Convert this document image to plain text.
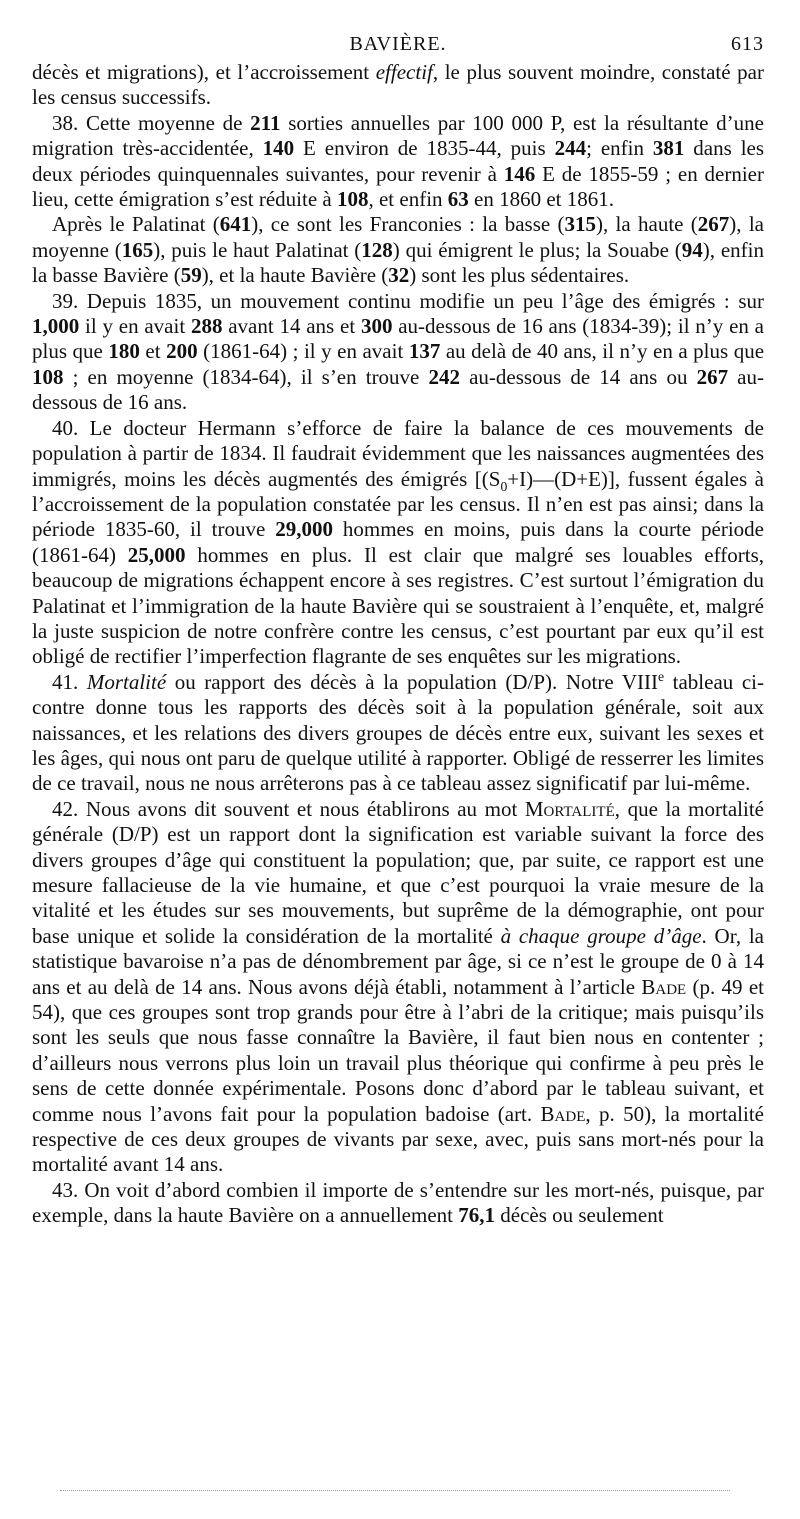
BAVIÈRE.	613

décès et migrations), et l’accroissement effectif, le plus souvent moindre, constaté par les census successifs.

38. Cette moyenne de 211 sorties annuelles par 100 000 P, est la résultante d’une migration très-accidentée, 140 E environ de 1835-44, puis 244; enfin 381 dans les deux périodes quinquennales suivantes, pour revenir à 146 E de 1855-59 ; en dernier lieu, cette émigration s’est réduite à 108, et enfin 63 en 1860 et 1861.

Après le Palatinat (641), ce sont les Franconies : la basse (315), la haute (267), la moyenne (165), puis le haut Palatinat (128) qui émigrent le plus; la Souabe (94), enfin la basse Bavière (59), et la haute Bavière (32) sont les plus sédentaires.

39. Depuis 1835, un mouvement continu modifie un peu l’âge des émigrés : sur 1,000 il y en avait 288 avant 14 ans et 300 au-dessous de 16 ans (1834-39); il n’y en a plus que 180 et 200 (1861-64) ; il y en avait 137 au delà de 40 ans, il n’y en a plus que 108 ; en moyenne (1834-64), il s’en trouve 242 au-dessous de 14 ans ou 267 au-dessous de 16 ans.

40. Le docteur Hermann s’efforce de faire la balance de ces mouvements de population à partir de 1834. Il faudrait évidemment que les naissances augmentées des immigrés, moins les décès augmentés des émigrés $[(S_0+I)—(D+E)]$, fussent égales à l’accroissement de la population constatée par les census. Il n’en est pas ainsi; dans la période 1835-60, il trouve 29,000 hommes en moins, puis dans la courte période (1861-64) 25,000 hommes en plus. Il est clair que malgré ses louables efforts, beaucoup de migrations échappent encore à ses registres. C’est surtout l’émigration du Palatinat et l’immigration de la haute Bavière qui se soustraient à l’enquête, et, malgré la juste suspicion de notre confrère contre les census, c’est pourtant par eux qu’il est obligé de rectifier l’imperfection flagrante de ses enquêtes sur les migrations.

41. Mortalité ou rapport des décès à la population (D/P). Notre VIIIe tableau ci-contre donne tous les rapports des décès soit à la population générale, soit aux naissances, et les relations des divers groupes de décès entre eux, suivant les sexes et les âges, qui nous ont paru de quelque utilité à rapporter. Obligé de resserrer les limites de ce travail, nous ne nous arrêterons pas à ce tableau assez significatif par lui-même.

42. Nous avons dit souvent et nous établirons au mot Mortalité, que la mortalité générale (D/P) est un rapport dont la signification est variable suivant la force des divers groupes d’âge qui constituent la population; que, par suite, ce rapport est une mesure fallacieuse de la vie humaine, et que c’est pourquoi la vraie mesure de la vitalité et les études sur ses mouvements, but suprême de la démographie, ont pour base unique et solide la considération de la mortalité à chaque groupe d’âge. Or, la statistique bavaroise n’a pas de dénombrement par âge, si ce n’est le groupe de 0 à 14 ans et au delà de 14 ans. Nous avons déjà établi, notamment à l’article Bade (p. 49 et 54), que ces groupes sont trop grands pour être à l’abri de la critique; mais puisqu’ils sont les seuls que nous fasse connaître la Bavière, il faut bien nous en contenter ; d’ailleurs nous verrons plus loin un travail plus théorique qui confirme à peu près le sens de cette donnée expérimentale. Posons donc d’abord par le tableau suivant, et comme nous l’avons fait pour la population badoise (art. Bade, p. 50), la mortalité respective de ces deux groupes de vivants par sexe, avec, puis sans mort-nés pour la mortalité avant 14 ans.

43. On voit d’abord combien il importe de s’entendre sur les mort-nés, puisque, par exemple, dans la haute Bavière on a annuellement 76,1 décès ou seulement
